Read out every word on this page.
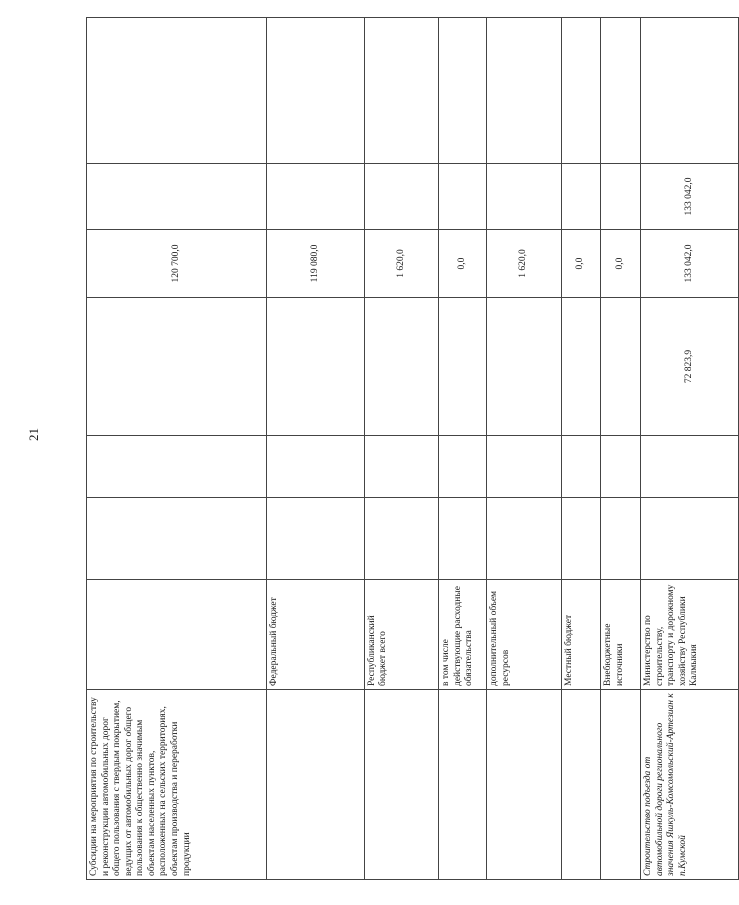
21
Субсидии на мероприятия по строительству и реконструкции автомобильных дорог общего пользования с твердым покрытием, ведущих от автомобильных дорог общего пользования к общественно значимым объектам населенных пунктов, расположенных на сельских территориях, объектам производства и переработки продукции					120 700,0			
	Федеральный бюджет				119 080,0			
	Республиканский бюджет всего				1 620,0			
	в том числе действующие расходные обязательства				0,0			
	дополнительный объем ресурсов				1 620,0			
	Местный бюджет				0,0			
	Внебюджетные источники				0,0			
Строительство подъезда от автомобильной дороги регионального значения Яшкуль-Комсомольский-Артезиан к п.Кумской	Министерство по строительству, транспорту и дорожному хозяйству Республики Калмыкия			72 823,9	133 042,0	133 042,0		
